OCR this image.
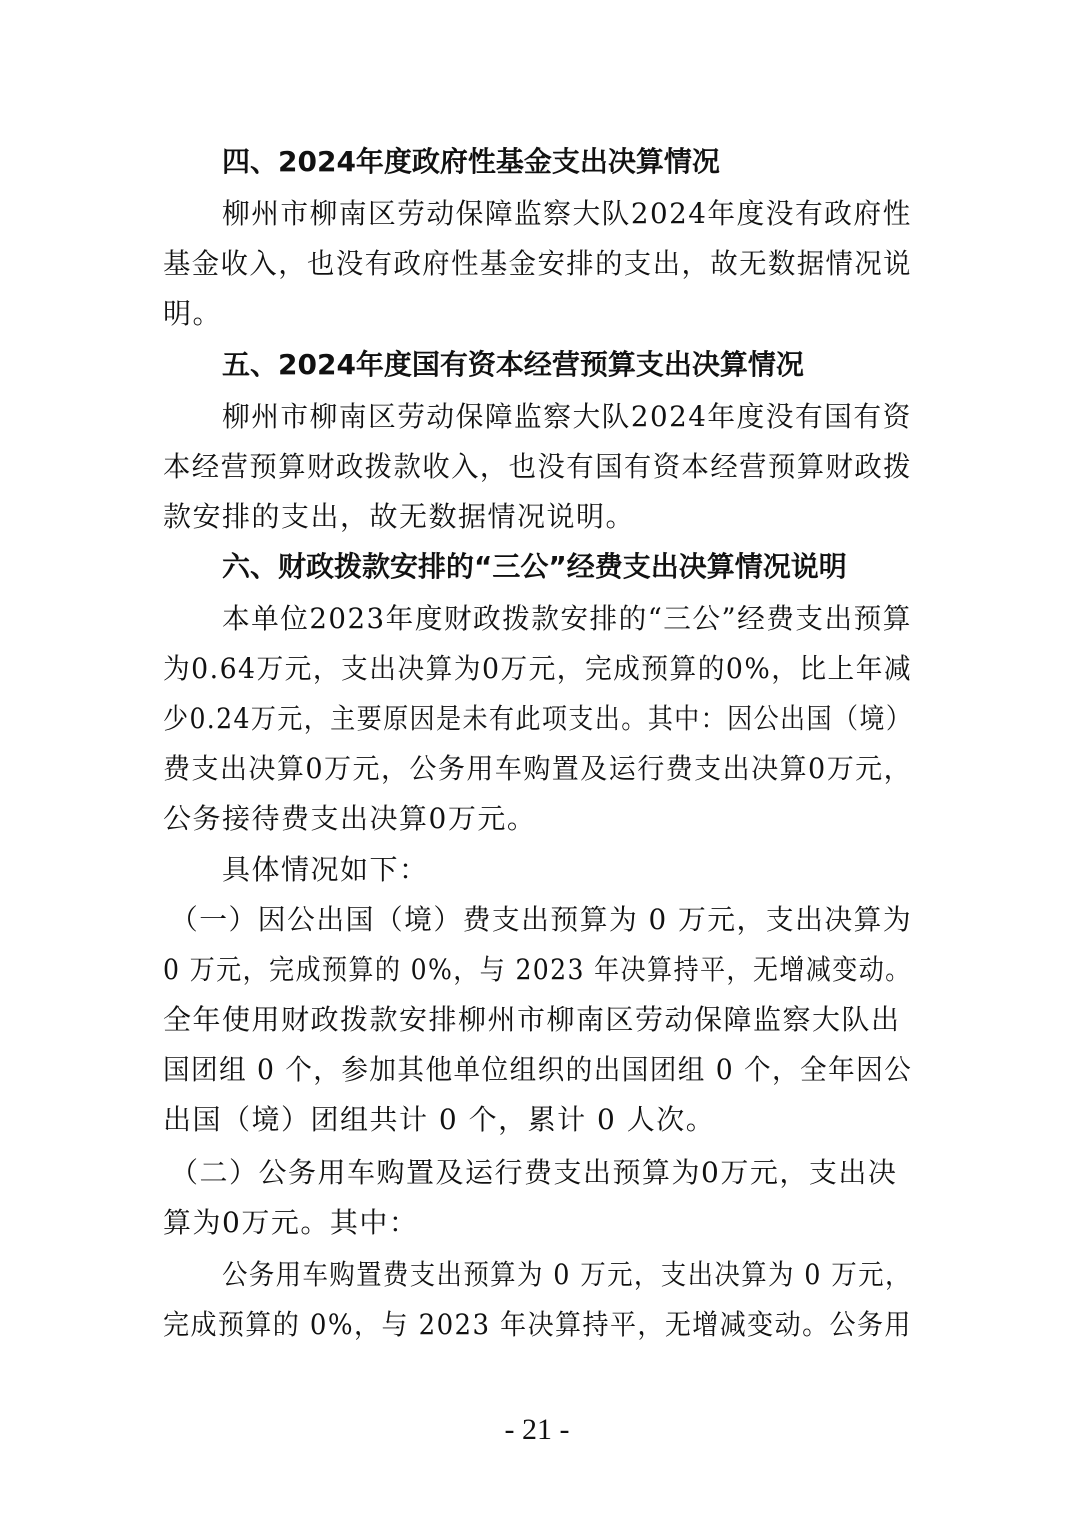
四、2024年度政府性基金支出决算情况
柳州市柳南区劳动保障监察大队2024年度没有政府性
基金收入，也没有政府性基金安排的支出，故无数据情况说
明。
五、2024年度国有资本经营预算支出决算情况
柳州市柳南区劳动保障监察大队2024年度没有国有资
本经营预算财政拨款收入，也没有国有资本经营预算财政拨
款安排的支出，故无数据情况说明。
六、财政拨款安排的“三公”经费支出决算情况说明
本单位2023年度财政拨款安排的“三公”经费支出预算
为0.64万元，支出决算为0万元，完成预算的0%，比上年减
少0.24万元，主要原因是未有此项支出。其中：因公出国（境）
费支出决算0万元，公务用车购置及运行费支出决算0万元，
公务接待费支出决算0万元。
具体情况如下：
（一）因公出国（境）费支出预算为 0 万元，支出决算为
0 万元，完成预算的 0%，与 2023 年决算持平，无增减变动。
全年使用财政拨款安排柳州市柳南区劳动保障监察大队出
国团组 0 个，参加其他单位组织的出国团组 0 个，全年因公
出国（境）团组共计 0 个，累计 0 人次。
（二）公务用车购置及运行费支出预算为0万元，支出决
算为0万元。其中：
公务用车购置费支出预算为 0 万元，支出决算为 0 万元，
完成预算的 0%，与 2023 年决算持平，无增减变动。公务用
- 21 -
